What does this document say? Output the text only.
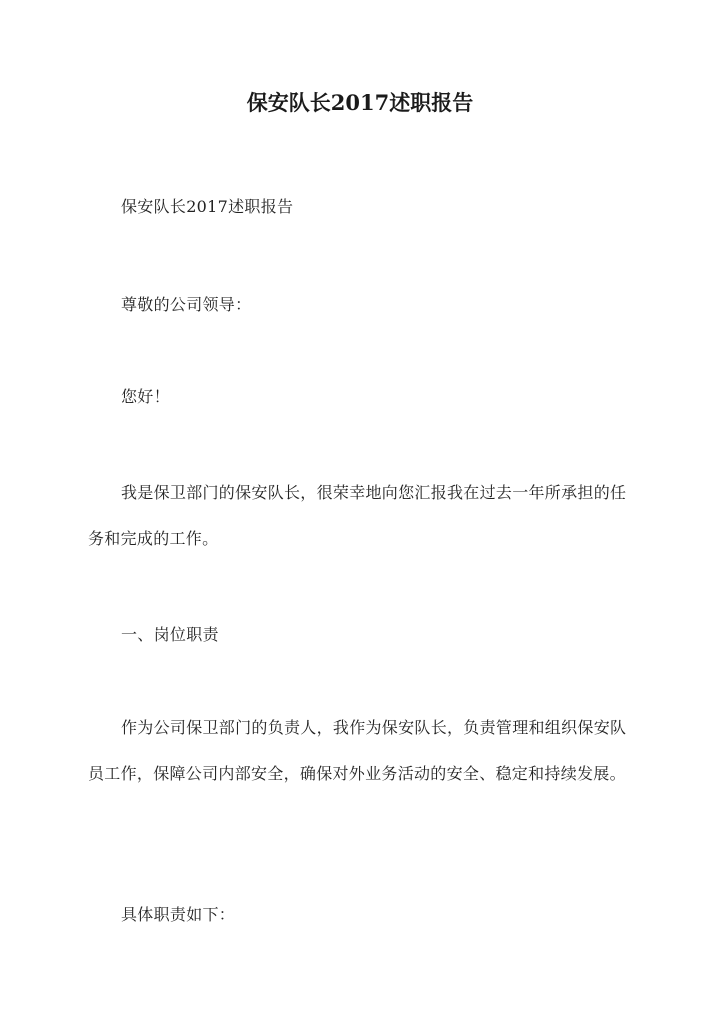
保安队长2017述职报告

保安队长2017述职报告

尊敬的公司领导：

您好！

我是保卫部门的保安队长，很荣幸地向您汇报我在过去一年所承担的任务和完成的工作。

一、岗位职责

作为公司保卫部门的负责人，我作为保安队长，负责管理和组织保安队员工作，保障公司内部安全，确保对外业务活动的安全、稳定和持续发展。

具体职责如下：
